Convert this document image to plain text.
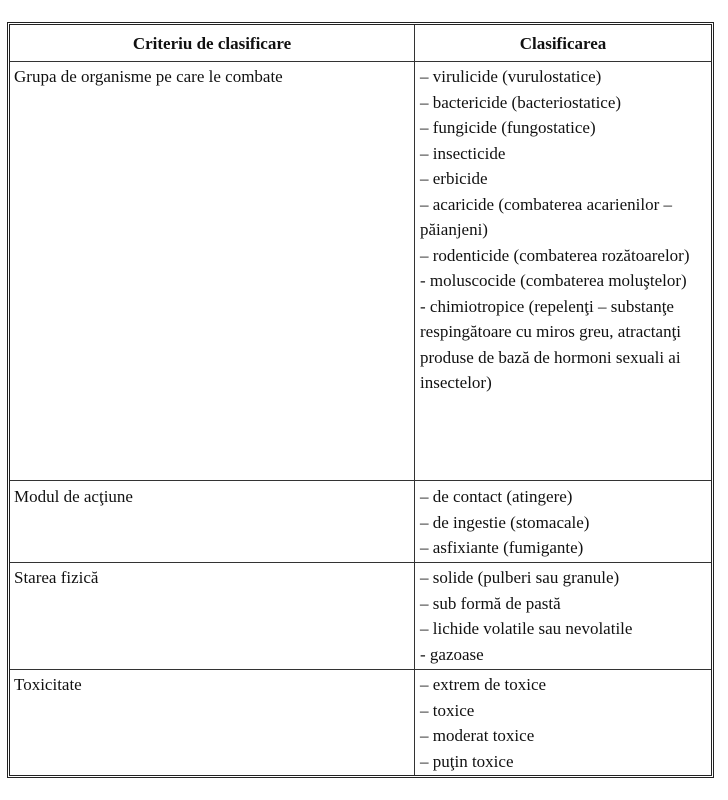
Criteriu de clasificare	Clasificarea
Grupa de organisme pe care le combate	– virulicide (vurulostatice)
– bactericide (bacteriostatice)
– fungicide (fungostatice)
– insecticide
– erbicide
– acaricide (combaterea acarienilor – păianjeni)
– rodenticide (combaterea rozătoarelor)
- moluscocide (combaterea moluştelor)
- chimiotropice (repelenţi – substanţe respingătoare cu miros greu, atractanţi produse de bază de hormoni sexuali ai insectelor)
Modul de acţiune	– de contact (atingere)
– de ingestie (stomacale)
– asfixiante (fumigante)
Starea fizică	– solide (pulberi sau granule)
– sub formă de pastă
– lichide volatile sau nevolatile
- gazoase
Toxicitate	– extrem de toxice
– toxice
– moderat toxice
– puţin toxice
